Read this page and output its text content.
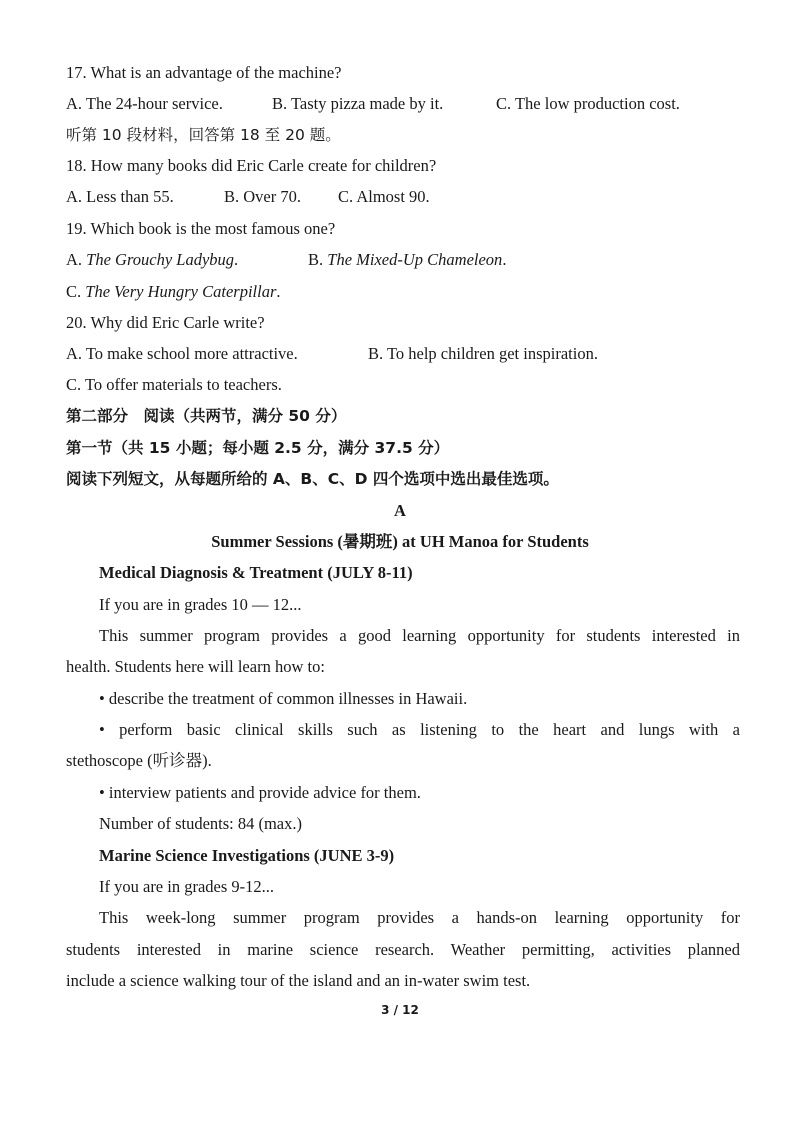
17. What is an advantage of the machine?
A. The 24-hour service.	B. Tasty pizza made by it.	C. The low production cost.
听第 10 段材料，回答第 18 至 20 题。
18. How many books did Eric Carle create for children?
A. Less than 55.	B. Over 70. C. Almost 90.
19. Which book is the most famous one?
A. The Grouchy Ladybug.	B. The Mixed-Up Chameleon.
C. The Very Hungry Caterpillar.
20. Why did Eric Carle write?
A. To make school more attractive.	B. To help children get inspiration.
C. To offer materials to teachers.
第二部分　阅读（共两节，满分 50 分）
第一节（共 15 小题；每小题 2.5 分，满分 37.5 分）
阅读下列短文，从每题所给的 A、B、C、D 四个选项中选出最佳选项。
A
Summer Sessions (暑期班) at UH Manoa for Students
Medical Diagnosis & Treatment (JULY 8-11)
If you are in grades 10 — 12...
This summer program provides a good learning opportunity for students interested in
health. Students here will learn how to:
• describe the treatment of common illnesses in Hawaii.
• perform basic clinical skills such as listening to the heart and lungs with a
stethoscope (听诊器).
• interview patients and provide advice for them.
Number of students: 84 (max.)
Marine Science Investigations (JUNE 3-9)
If you are in grades 9-12...
This week-long summer program provides a hands-on learning opportunity for
students interested in marine science research. Weather permitting, activities planned
include a science walking tour of the island and an in-water swim test.
3 / 12
